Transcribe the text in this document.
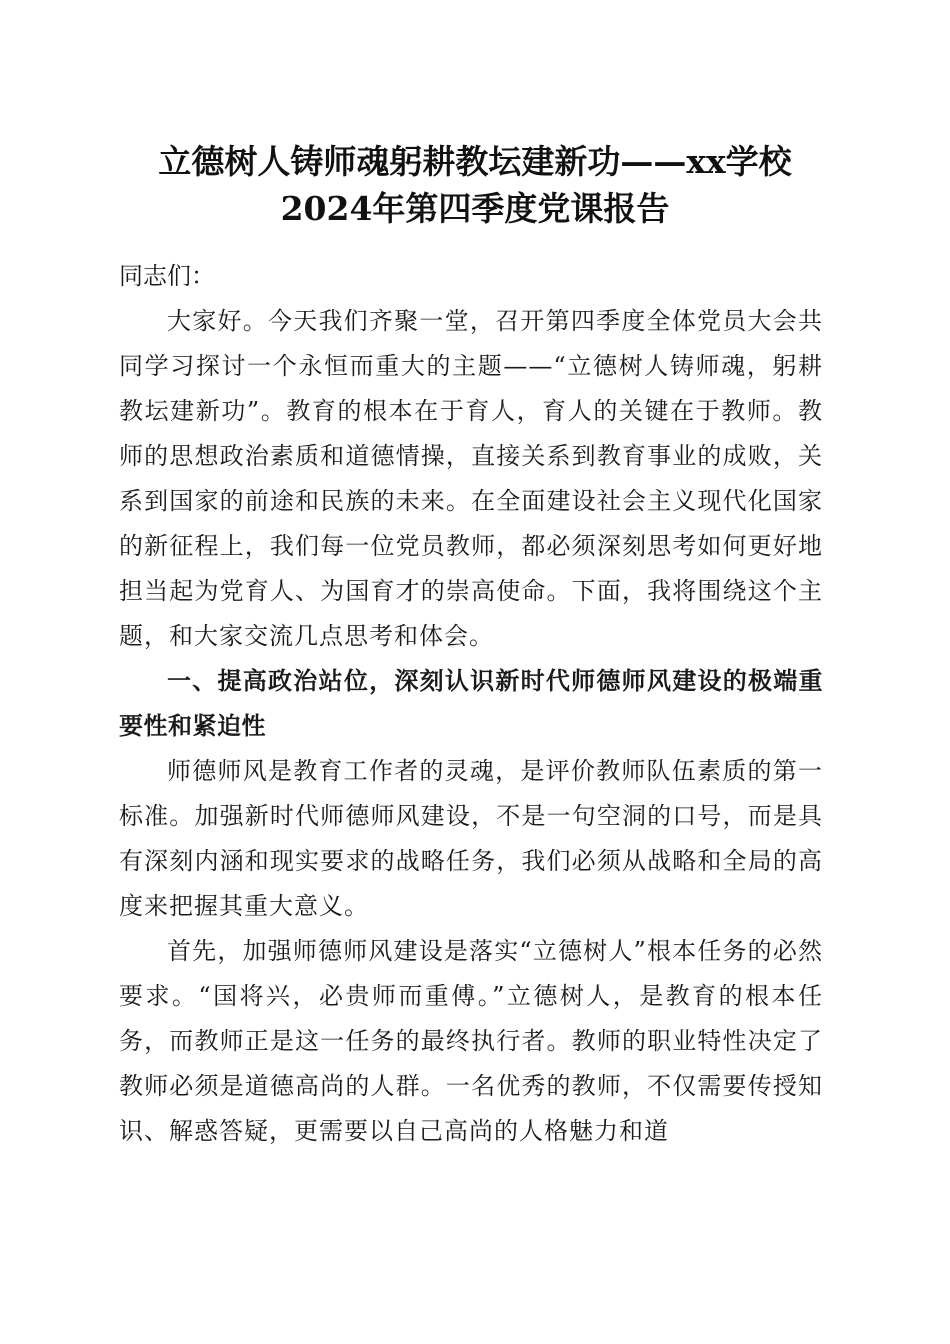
立德树人铸师魂躬耕教坛建新功——xx学校
2024年第四季度党课报告

同志们：

大家好。今天我们齐聚一堂，召开第四季度全体党员大会共同学习探讨一个永恒而重大的主题——“立德树人铸师魂，躬耕教坛建新功”。教育的根本在于育人，育人的关键在于教师。教师的思想政治素质和道德情操，直接关系到教育事业的成败，关系到国家的前途和民族的未来。在全面建设社会主义现代化国家的新征程上，我们每一位党员教师，都必须深刻思考如何更好地担当起为党育人、为国育才的崇高使命。下面，我将围绕这个主题，和大家交流几点思考和体会。

一、提高政治站位，深刻认识新时代师德师风建设的极端重要性和紧迫性

师德师风是教育工作者的灵魂，是评价教师队伍素质的第一标准。加强新时代师德师风建设，不是一句空洞的口号，而是具有深刻内涵和现实要求的战略任务，我们必须从战略和全局的高度来把握其重大意义。

首先，加强师德师风建设是落实“立德树人”根本任务的必然要求。“国将兴，必贵师而重傅。”立德树人，是教育的根本任务，而教师正是这一任务的最终执行者。教师的职业特性决定了教师必须是道德高尚的人群。一名优秀的教师，不仅需要传授知识、解惑答疑，更需要以自己高尚的人格魅力和道
